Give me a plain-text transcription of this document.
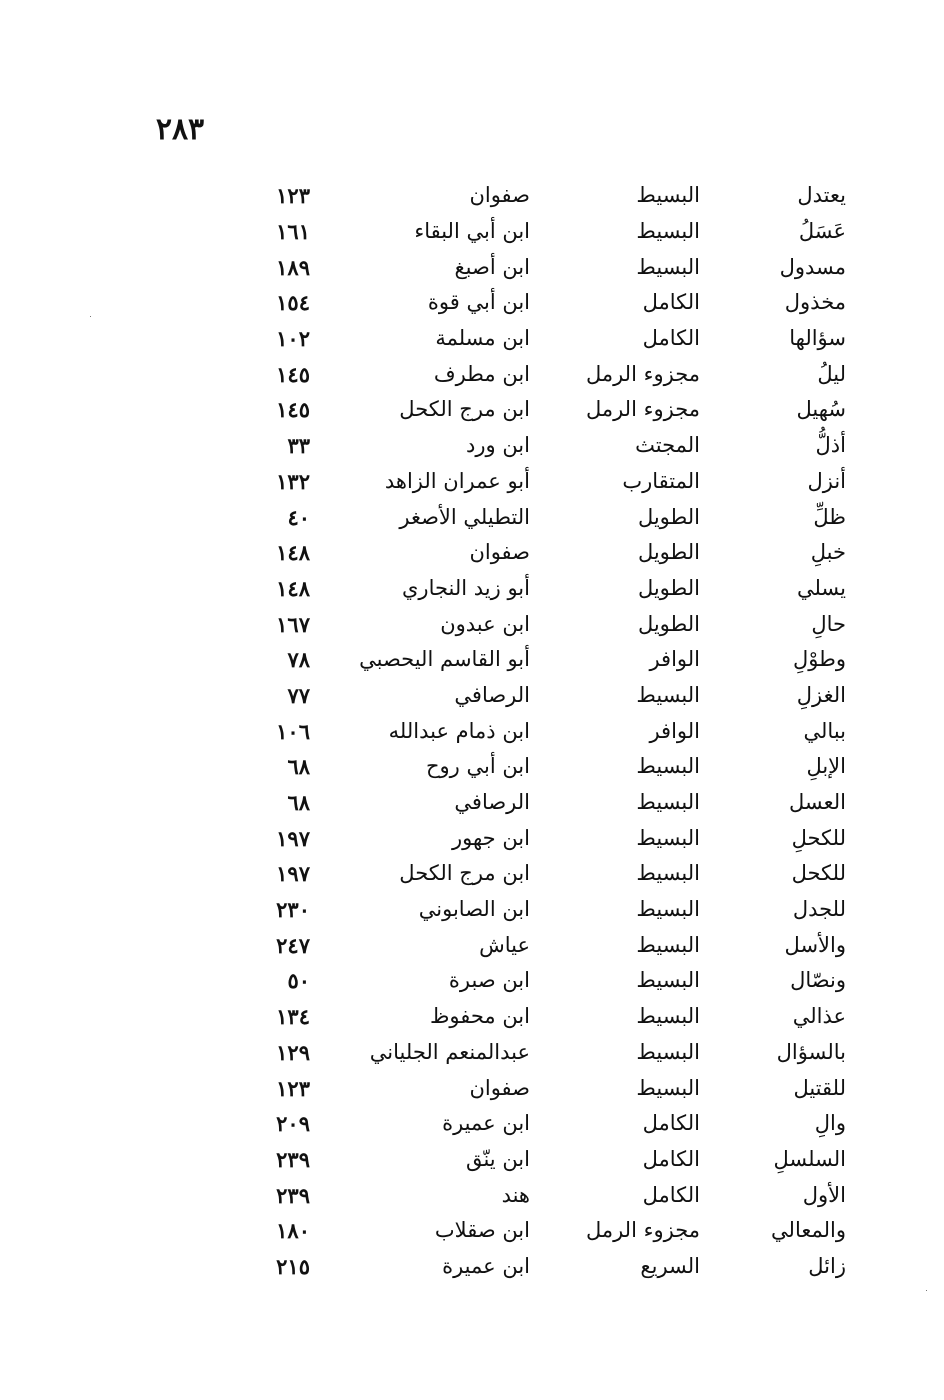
٢٨٣
يعتدل
البسيط
صفوان
١٢٣
عَسَلُ
البسيط
ابن أبي البقاء
١٦١
مسدول
البسيط
ابن أصبغ
١٨٩
مخذول
الكامل
ابن أبي قوة
١٥٤
سؤالها
الكامل
ابن مسلمة
١٠٢
ليلُ
مجزوء الرمل
ابن مطرف
١٤٥
سُهيل
مجزوء الرمل
ابن مرج الكحل
١٤٥
أذلُّ
المجتث
ابن ورد
٣٣
أنزل
المتقارب
أبو عمران الزاهد
١٣٢
ظلِّ
الطويل
التطيلي الأصغر
٤٠
خبلِ
الطويل
صفوان
١٤٨
يسلي
الطويل
أبو زيد النجاري
١٤٨
حالِ
الطويل
ابن عبدون
١٦٧
وطوْلِ
الوافر
أبو القاسم اليحصبي
٧٨
الغزلِ
البسيط
الرصافي
٧٧
ببالي
الوافر
ابن ذمام عبدالله
١٠٦
الإبلِ
البسيط
ابن أبي روح
٦٨
العسل
البسيط
الرصافي
٦٨
للكحلِ
البسيط
ابن جهور
١٩٧
للكحل
البسيط
ابن مرج الكحل
١٩٧
للجدل
البسيط
ابن الصابوني
٢٣٠
والأسل
البسيط
عياش
٢٤٧
ونصّال
البسيط
ابن صبرة
٥٠
عذالي
البسيط
ابن محفوظ
١٣٤
بالسؤال
البسيط
عبدالمنعم الجلياني
١٢٩
للقتيل
البسيط
صفوان
١٢٣
والِ
الكامل
ابن عميرة
٢٠٩
السلسلِ
الكامل
ابن ينّق
٢٣٩
الأول
الكامل
هند
٢٣٩
والمعالي
مجزوء الرمل
ابن صقلاب
١٨٠
زائل
السريع
ابن عميرة
٢١٥
